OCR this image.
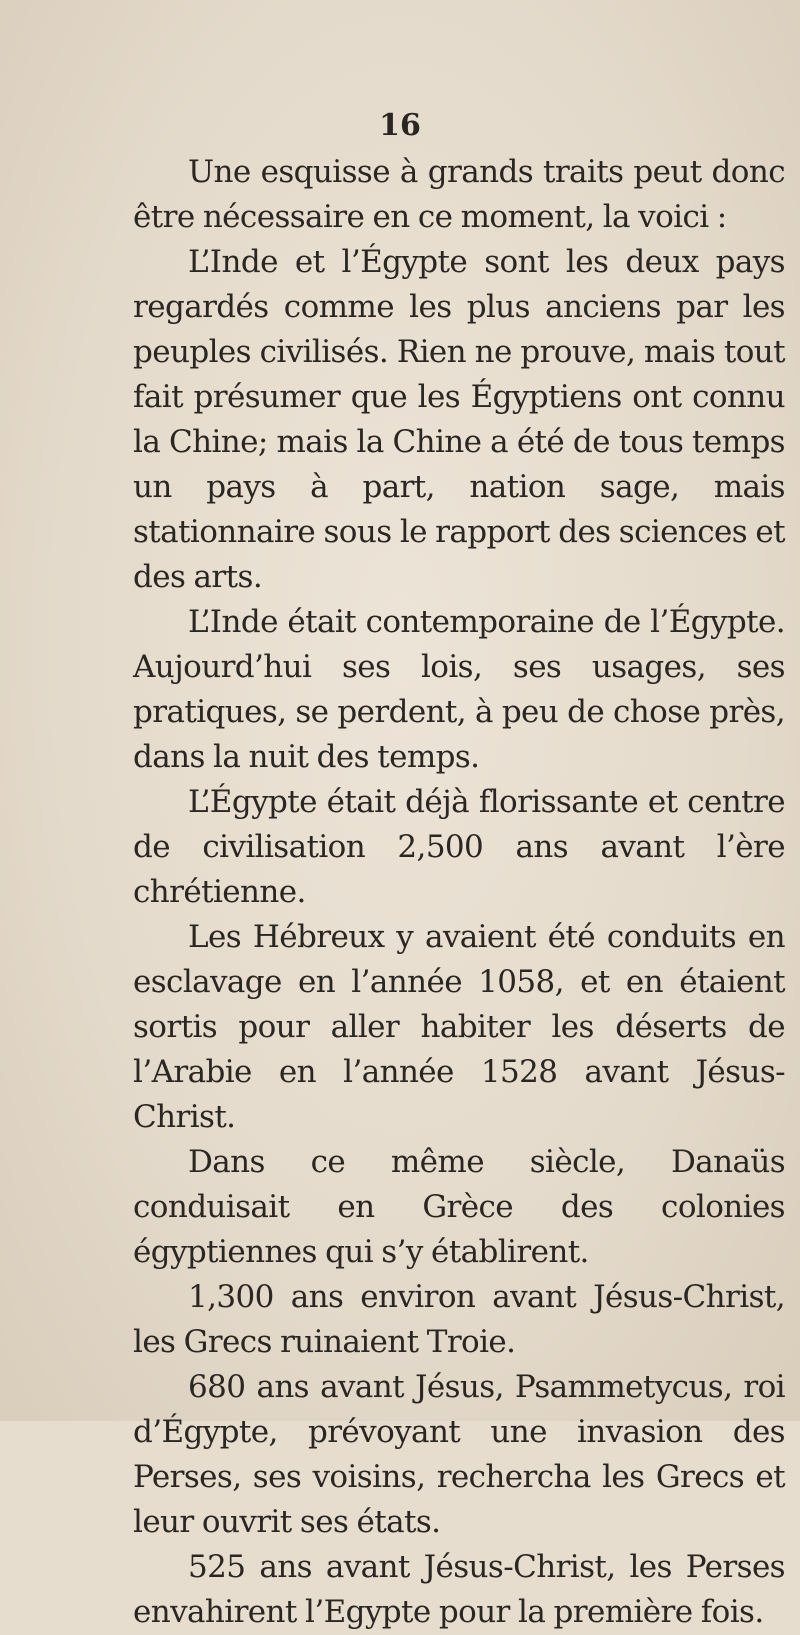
16

Une esquisse à grands traits peut donc être nécessaire en ce moment, la voici :

L’Inde et l’Égypte sont les deux pays regardés comme les plus anciens par les peuples civilisés. Rien ne prouve, mais tout fait présumer que les Égyptiens ont connu la Chine; mais la Chine a été de tous temps un pays à part, nation sage, mais stationnaire sous le rapport des sciences et des arts.

L’Inde était contemporaine de l’Égypte. Aujourd’hui ses lois, ses usages, ses pratiques, se perdent, à peu de chose près, dans la nuit des temps.

L’Égypte était déjà florissante et centre de civilisation 2,500 ans avant l’ère chrétienne.

Les Hébreux y avaient été conduits en esclavage en l’année 1058, et en étaient sortis pour aller habiter les déserts de l’Arabie en l’année 1528 avant Jésus-Christ.

Dans ce même siècle, Danaüs conduisait en Grèce des colonies égyptiennes qui s’y établirent.

1,300 ans environ avant Jésus-Christ, les Grecs ruinaient Troie.

680 ans avant Jésus, Psammetycus, roi d’Égypte, prévoyant une invasion des Perses, ses voisins, rechercha les Grecs et leur ouvrit ses états.

525 ans avant Jésus-Christ, les Perses envahirent l’Egypte pour la première fois.
